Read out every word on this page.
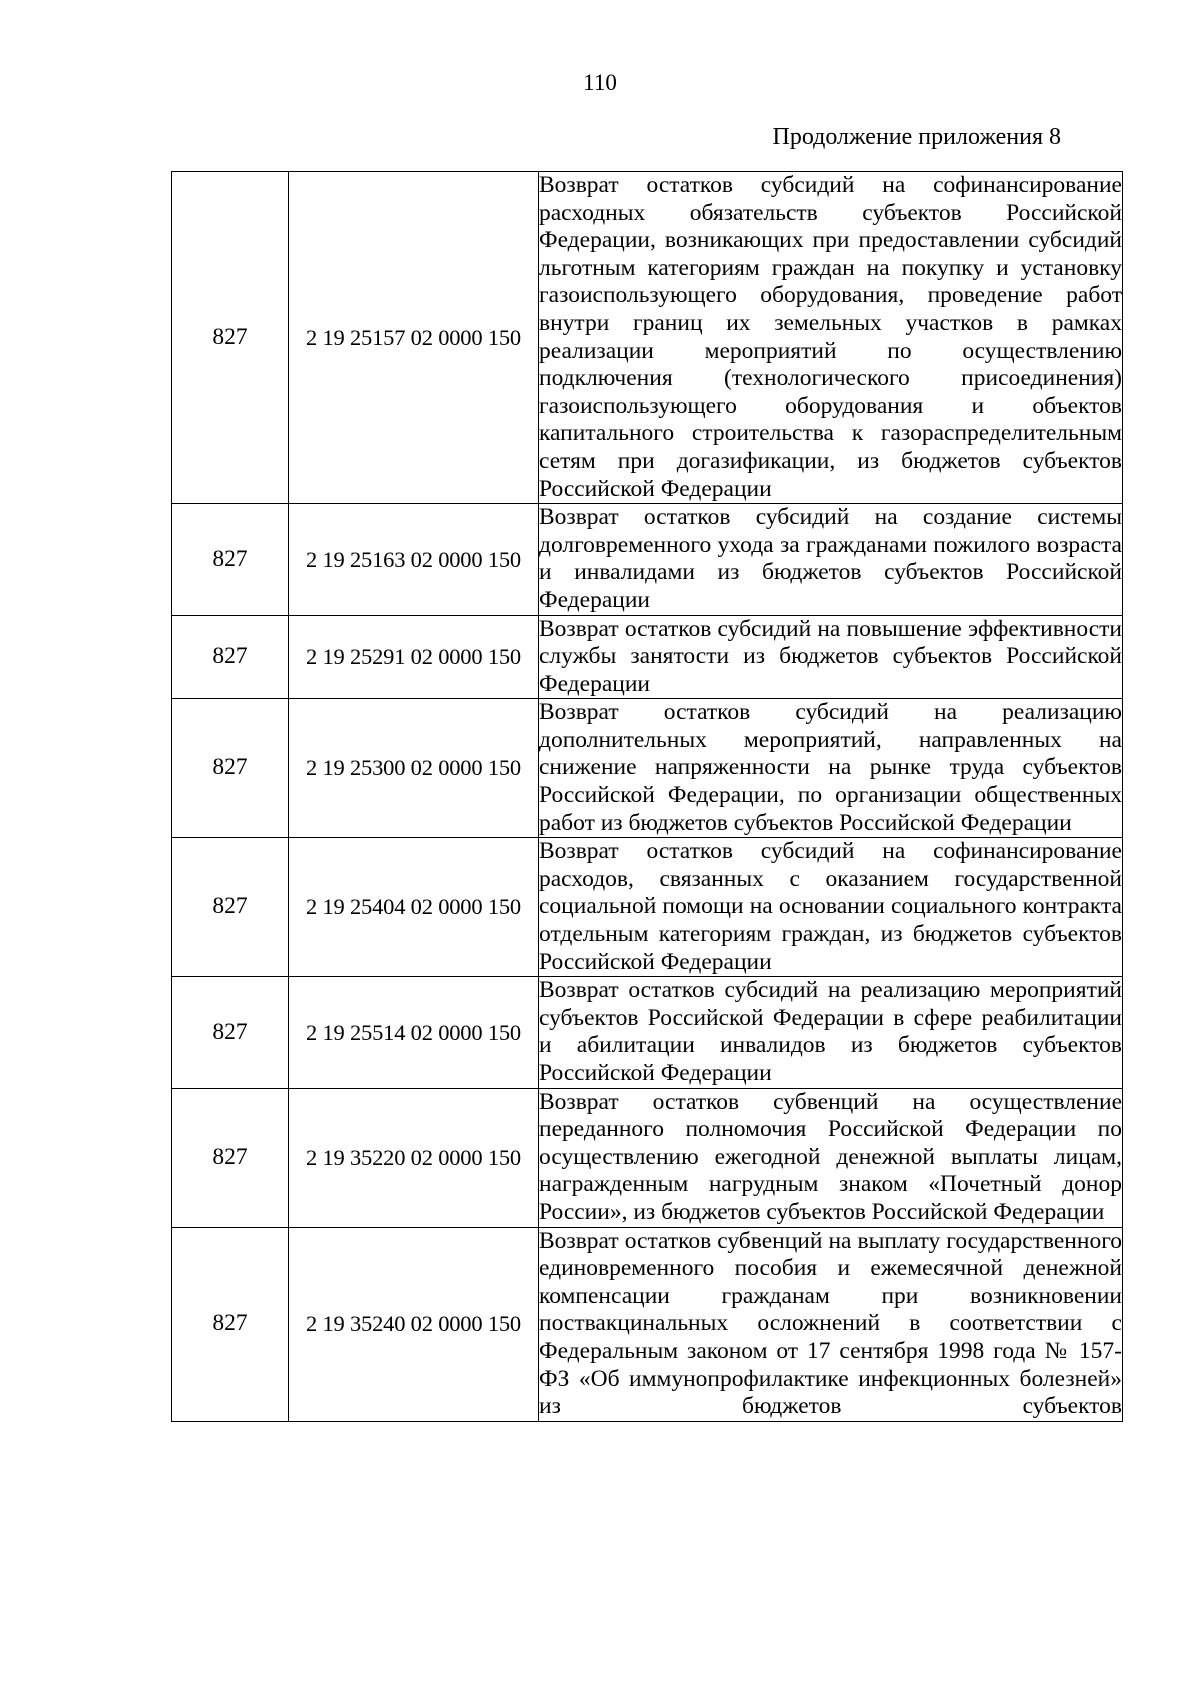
110
Продолжение приложения 8
827	2 19 25157 02 0000 150	Возврат остатков субсидий на софинансирование расходных обязательств субъектов Российской Федерации, возникающих при предоставлении субсидий льготным категориям граждан на покупку и установку газоиспользующего оборудования, проведение работ внутри границ их земельных участков в рамках реализации мероприятий по осуществлению подключения (технологического присоединения) газоиспользующего оборудования и объектов капитального строительства к газораспределительным сетям при догазификации, из бюджетов субъектов Российской Федерации
827	2 19 25163 02 0000 150	Возврат остатков субсидий на создание системы долговременного ухода за гражданами пожилого возраста и инвалидами из бюджетов субъектов Российской Федерации
827	2 19 25291 02 0000 150	Возврат остатков субсидий на повышение эффективности службы занятости из бюджетов субъектов Российской Федерации
827	2 19 25300 02 0000 150	Возврат остатков субсидий на реализацию дополнительных мероприятий, направленных на снижение напряженности на рынке труда субъектов Российской Федерации, по организации общественных работ из бюджетов субъектов Российской Федерации
827	2 19 25404 02 0000 150	Возврат остатков субсидий на софинансирование расходов, связанных с оказанием государственной социальной помощи на основании социального контракта отдельным категориям граждан, из бюджетов субъектов Российской Федерации
827	2 19 25514 02 0000 150	Возврат остатков субсидий на реализацию мероприятий субъектов Российской Федерации в сфере реабилитации и абилитации инвалидов из бюджетов субъектов Российской Федерации
827	2 19 35220 02 0000 150	Возврат остатков субвенций на осуществление переданного полномочия Российской Федерации по осуществлению ежегодной денежной выплаты лицам, награжденным нагрудным знаком «Почетный донор России», из бюджетов субъектов Российской Федерации
827	2 19 35240 02 0000 150	Возврат остатков субвенций на выплату государственного единовременного пособия и ежемесячной денежной компенсации гражданам при возникновении поствакцинальных осложнений в соответствии с Федеральным законом от 17 сентября 1998 года № 157-ФЗ «Об иммунопрофилактике инфекционных болезней» из бюджетов субъектов
